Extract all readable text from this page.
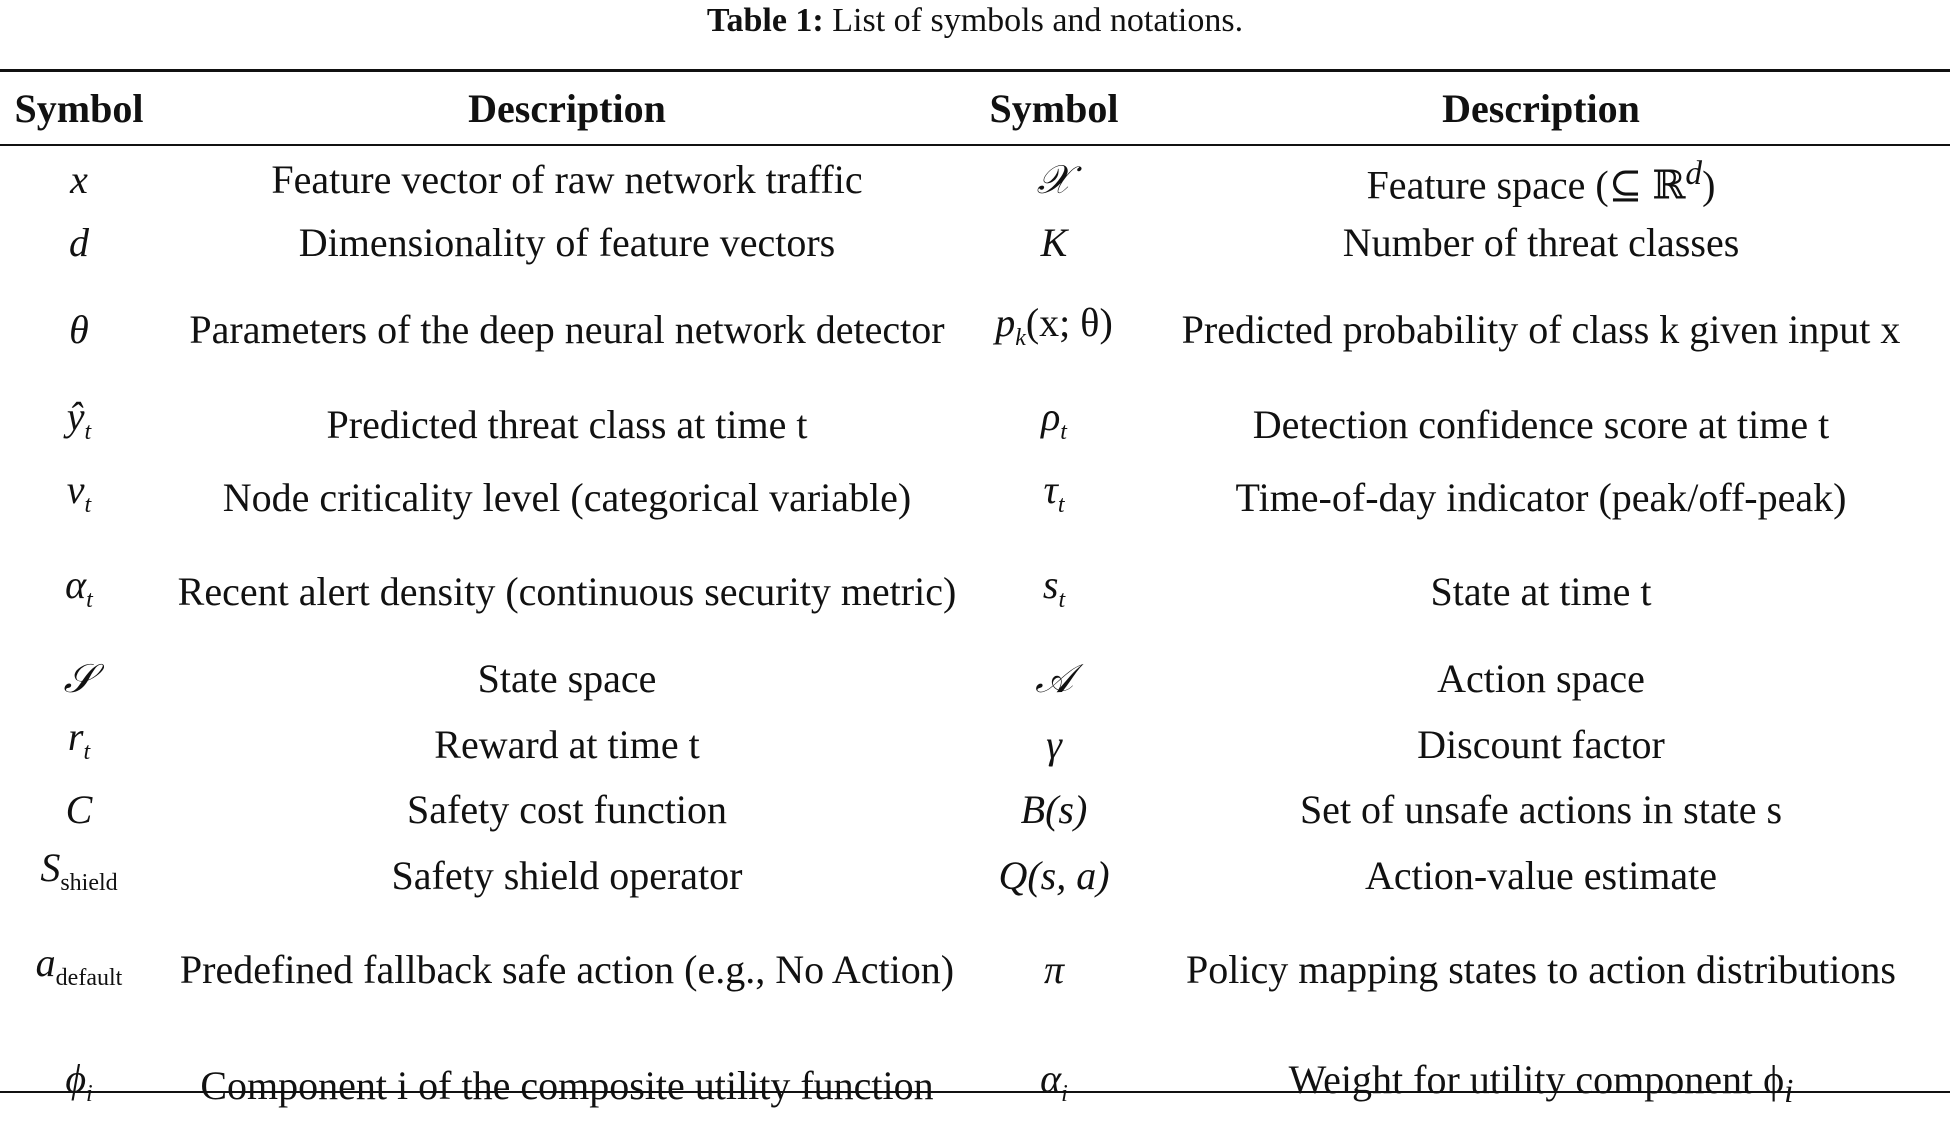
Table 1: List of symbols and notations.
Symbol	Description	Symbol	Description
x	Feature vector of raw network traffic	𝒳	Feature space (⊆ ℝ$^d$)
d	Dimensionality of feature vectors	K	Number of threat classes
θ	Parameters of the deep neural network detector	$p_k(x$; θ)	Predicted probability of class k given input x
$ŷ_t$	Predicted threat class at time t	$\rho_t$	Detection confidence score at time t
$\nu_t$	Node criticality level (categorical variable)	$\tau_t$	Time-of-day indicator (peak/off-peak)
$\alpha_t$	Recent alert density (continuous security metric)	$s_t$	State at time t
𝒮	State space	𝒜	Action space
$r_t$	Reward at time t	γ	Discount factor
C	Safety cost function	B(s)	Set of unsafe actions in state s
$S_{shield}$	Safety shield operator	Q(s, a)	Action-value estimate
$a_{default}$	Predefined fallback safe action (e.g., No Action)	π	Policy mapping states to action distributions
$\phi_i$	Component i of the composite utility function	$\alpha_i$	Weight for utility component $\phi_i$
